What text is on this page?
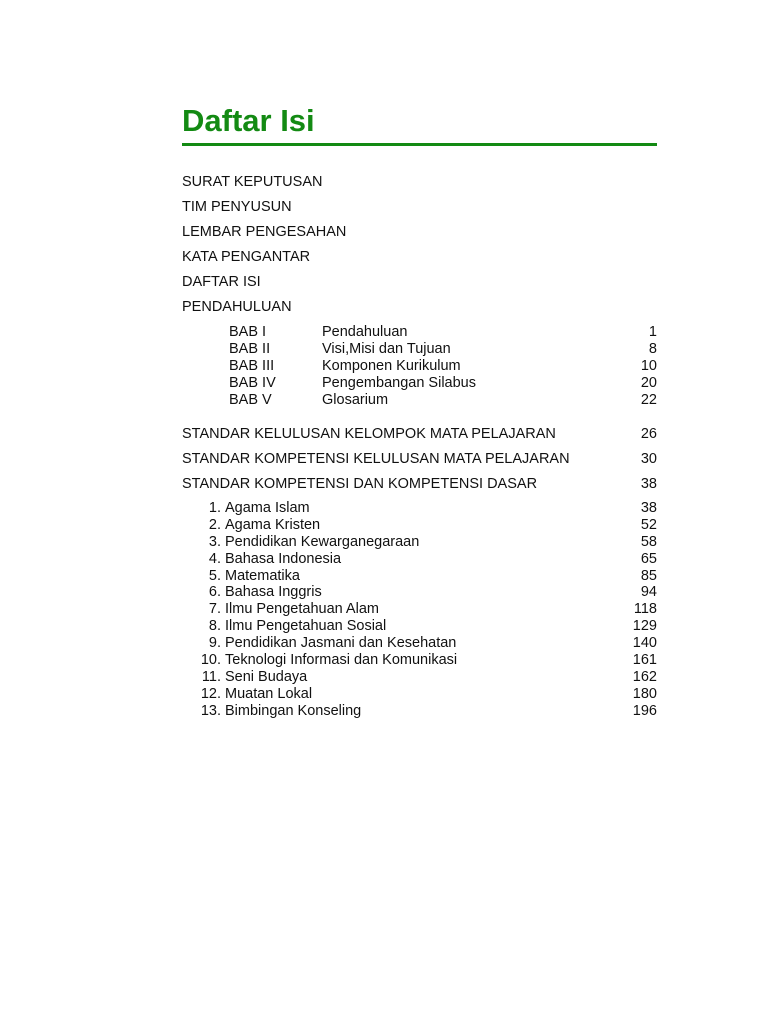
Daftar Isi
SURAT KEPUTUSAN
TIM PENYUSUN
LEMBAR PENGESAHAN
KATA PENGANTAR
DAFTAR ISI
PENDAHULUAN
BAB I	Pendahuluan	1
BAB II	Visi,Misi dan Tujuan	8
BAB III	Komponen Kurikulum	10
BAB IV	Pengembangan Silabus	20
BAB V	Glosarium	22
STANDAR KELULUSAN KELOMPOK MATA PELAJARAN	26
STANDAR KOMPETENSI KELULUSAN MATA PELAJARAN	30
STANDAR KOMPETENSI DAN KOMPETENSI DASAR	38
1. Agama Islam	38
2. Agama Kristen	52
3. Pendidikan Kewarganegaraan	58
4. Bahasa Indonesia	65
5. Matematika	85
6. Bahasa Inggris	94
7. Ilmu Pengetahuan Alam	118
8. Ilmu Pengetahuan Sosial	129
9. Pendidikan Jasmani dan Kesehatan	140
10. Teknologi Informasi dan Komunikasi	161
11. Seni Budaya	162
12. Muatan Lokal	180
13. Bimbingan Konseling	196
